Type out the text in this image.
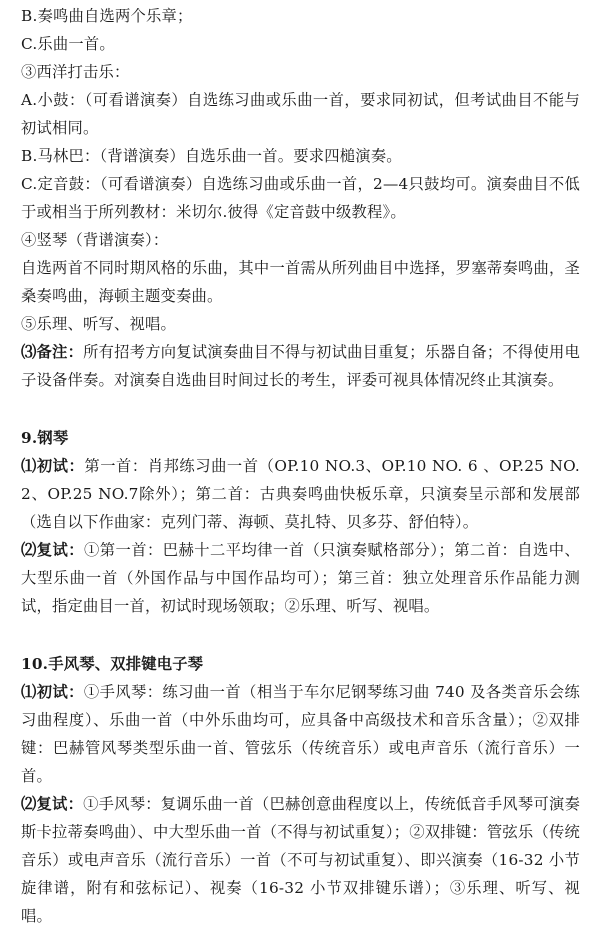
B.奏鸣曲自选两个乐章；

C.乐曲一首。

③西洋打击乐：

A.小鼓：（可看谱演奏）自选练习曲或乐曲一首，要求同初试，但考试曲目不能与初试相同。

B.马林巴：（背谱演奏）自选乐曲一首。要求四槌演奏。

C.定音鼓：（可看谱演奏）自选练习曲或乐曲一首，2—4只鼓均可。演奏曲目不低于或相当于所列教材：米切尔.彼得《定音鼓中级教程》。

④竖琴（背谱演奏）：

自选两首不同时期风格的乐曲，其中一首需从所列曲目中选择，罗塞蒂奏鸣曲，圣桑奏鸣曲，海顿主题变奏曲。

⑤乐理、听写、视唱。

⑶备注：所有招考方向复试演奏曲目不得与初试曲目重复；乐器自备；不得使用电子设备伴奏。对演奏自选曲目时间过长的考生，评委可视具体情况终止其演奏。

9.钢琴

⑴初试：第一首：肖邦练习曲一首（OP.10 NO.3、OP.10 NO. 6 、OP.25 NO.2、OP.25 NO.7除外）；第二首：古典奏鸣曲快板乐章，只演奏呈示部和发展部（选自以下作曲家：克列门蒂、海顿、莫扎特、贝多芬、舒伯特）。

⑵复试：①第一首：巴赫十二平均律一首（只演奏赋格部分）；第二首：自选中、大型乐曲一首（外国作品与中国作品均可）；第三首：独立处理音乐作品能力测试，指定曲目一首，初试时现场领取；②乐理、听写、视唱。

10.手风琴、双排键电子琴

⑴初试：①手风琴：练习曲一首（相当于车尔尼钢琴练习曲 740 及各类音乐会练习曲程度）、乐曲一首（中外乐曲均可，应具备中高级技术和音乐含量）；②双排键：巴赫管风琴类型乐曲一首、管弦乐（传统音乐）或电声音乐（流行音乐）一首。

⑵复试：①手风琴：复调乐曲一首（巴赫创意曲程度以上，传统低音手风琴可演奏斯卡拉蒂奏鸣曲）、中大型乐曲一首（不得与初试重复）；②双排键：管弦乐（传统音乐）或电声音乐（流行音乐）一首（不可与初试重复）、即兴演奏（16-32 小节旋律谱，附有和弦标记）、视奏（16-32 小节双排键乐谱）；③乐理、听写、视唱。
